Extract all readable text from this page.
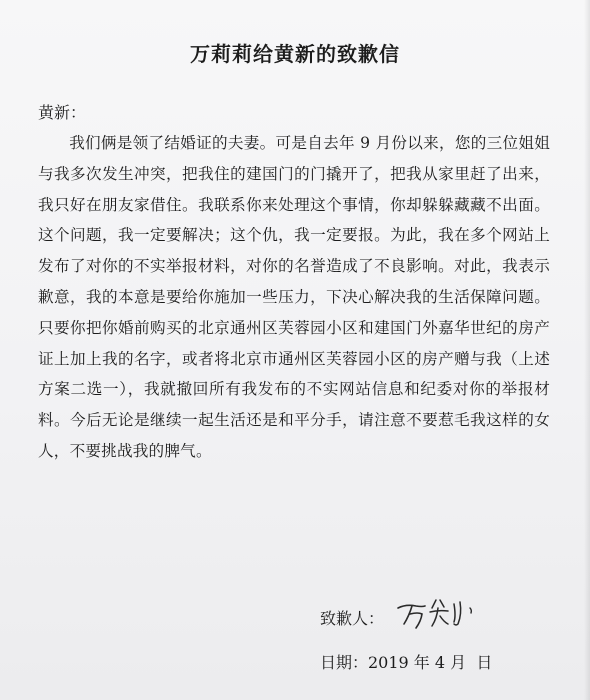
万莉莉给黄新的致歉信
黄新：
我们俩是领了结婚证的夫妻。可是自去年 9 月份以来，您的三位姐姐与我多次发生冲突，把我住的建国门的门撬开了，把我从家里赶了出来，我只好在朋友家借住。我联系你来处理这个事情，你却躲躲藏藏不出面。这个问题，我一定要解决；这个仇，我一定要报。为此，我在多个网站上发布了对你的不实举报材料，对你的名誉造成了不良影响。对此，我表示歉意，我的本意是要给你施加一些压力，下决心解决我的生活保障问题。只要你把你婚前购买的北京通州区芙蓉园小区和建国门外嘉华世纪的房产证上加上我的名字，或者将北京市通州区芙蓉园小区的房产赠与我（上述方案二选一），我就撤回所有我发布的不实网站信息和纪委对你的举报材料。今后无论是继续一起生活还是和平分手，请注意不要惹毛我这样的女人，不要挑战我的脾气。
致歉人：
日期：2019 年 4 月  日
